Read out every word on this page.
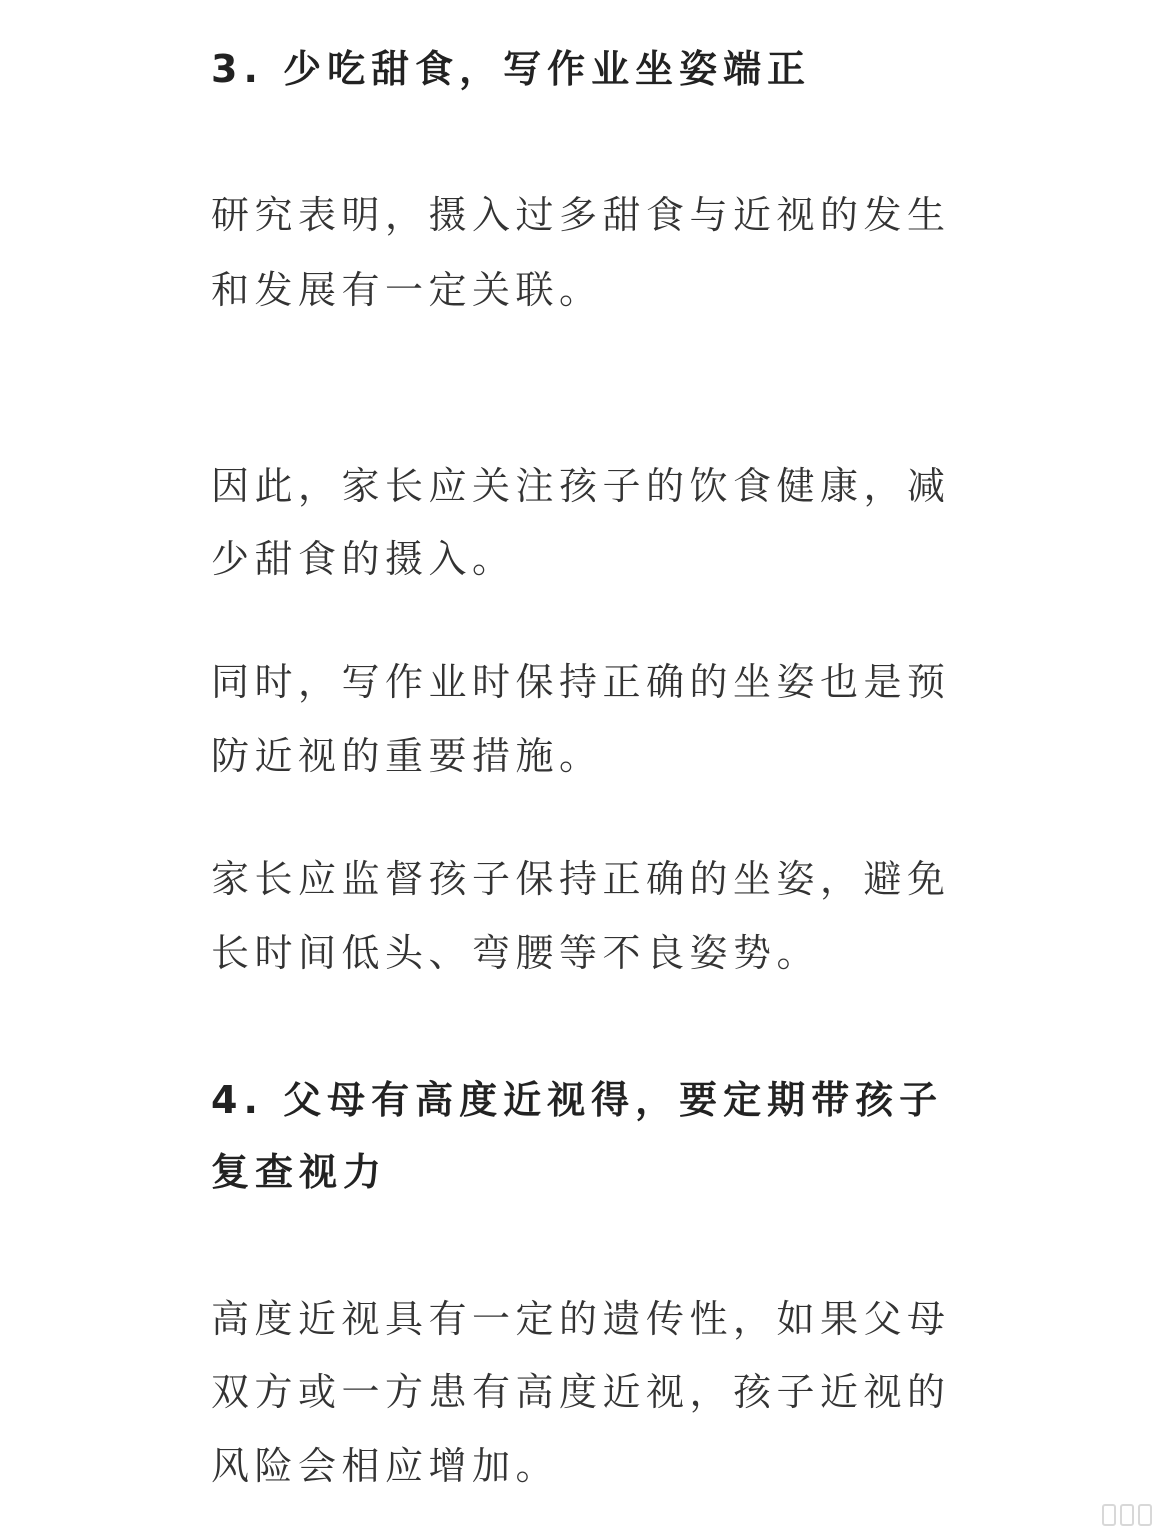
3. 少吃甜食，写作业坐姿端正
研究表明，摄入过多甜食与近视的发生
和发展有一定关联。
因此，家长应关注孩子的饮食健康，减
少甜食的摄入。
同时，写作业时保持正确的坐姿也是预
防近视的重要措施。
家长应监督孩子保持正确的坐姿，避免
长时间低头、弯腰等不良姿势。
4. 父母有高度近视得，要定期带孩子
复查视力
高度近视具有一定的遗传性，如果父母
双方或一方患有高度近视，孩子近视的
风险会相应增加。
